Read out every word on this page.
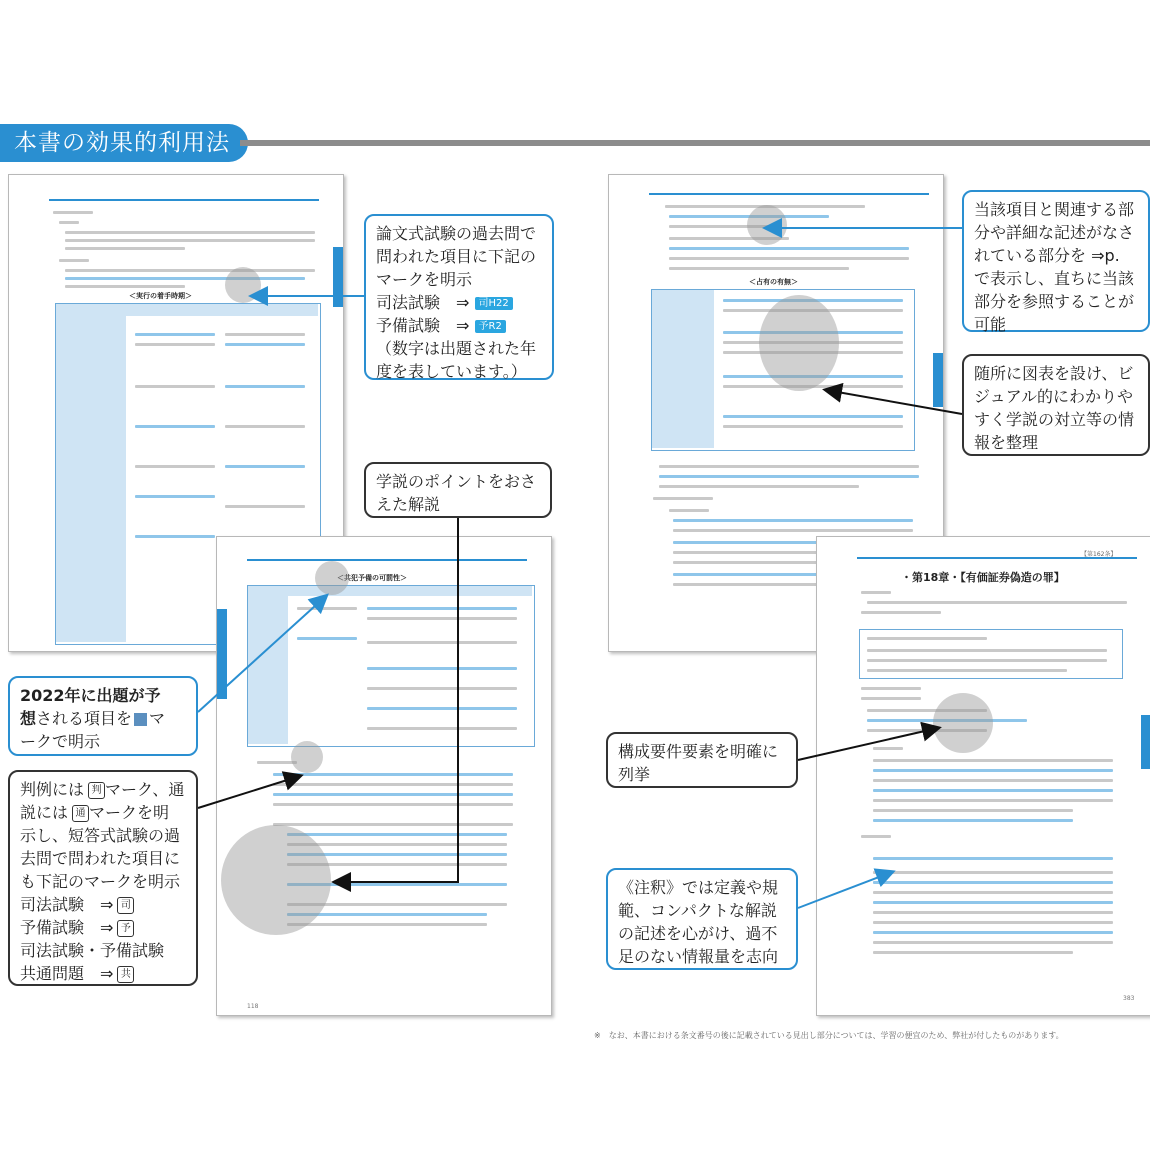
本書の効果的利用法
＜実行の着手時期＞
＜共犯予備の可罰性＞
118
＜占有の有無＞
【第162条】
・第18章・【有価証券偽造の罪】
383
論文式試験の過去問で
問われた項目に下記の
マークを明示
司法試験　⇒ 司H22
予備試験　⇒ 予R2
（数字は出題された年
度を表しています。）
学説のポイントをおさ
えた解説
2022年に出題が予
想される項目を マ
ークで明示
判例には 判 マーク、通
説には 通 マークを明
示し、短答式試験の過
去問で問われた項目に
も下記のマークを明示
司法試験　⇒ 司
予備試験　⇒ 予
司法試験・予備試験
共通問題　⇒ 共
当該項目と関連する部
分や詳細な記述がなさ
れている部分を ⇒p.
で表示し、直ちに当該
部分を参照することが
可能
随所に図表を設け、ビ
ジュアル的にわかりや
すく学説の対立等の情
報を整理
構成要件要素を明確に
列挙
《注釈》では定義や規
範、コンパクトな解説
の記述を心がけ、過不
足のない情報量を志向
※　なお、本書における条文番号の後に記載されている見出し部分については、学習の便宜のため、弊社が付したものがあります。
